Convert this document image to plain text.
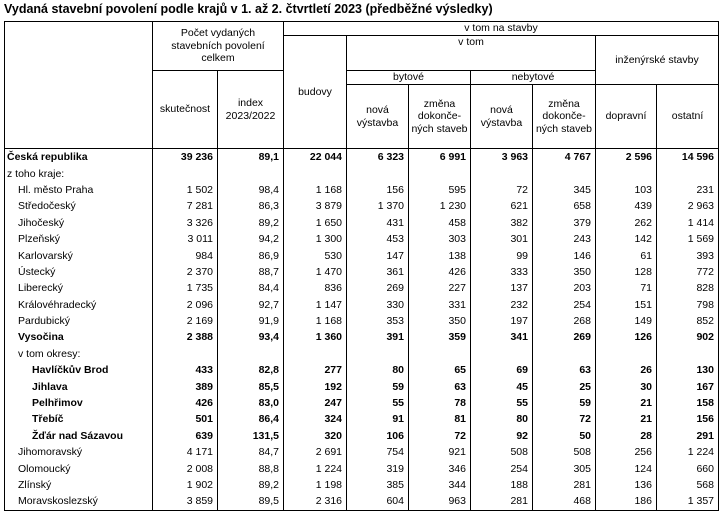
Vydaná stavební povolení podle krajů v 1. až 2. čtvrtletí 2023 (předběžné výsledky)
	Počet vydaných stavebních povolení celkem		v tom na stavby						
			budovy	v tom				inženýrské stavby	
	skutečnost	index 2023/2022		bytové		nebytové			
				nová výstavba	změna dokonče-ných staveb	nová výstavba	změna dokonče-ných staveb	dopravní	ostatní
Česká republika	39 236	89,1	22 044	6 323	6 991	3 963	4 767	2 596	14 596
z toho kraje:									
Hl. město Praha	1 502	98,4	1 168	156	595	72	345	103	231
Středočeský	7 281	86,3	3 879	1 370	1 230	621	658	439	2 963
Jihočeský	3 326	89,2	1 650	431	458	382	379	262	1 414
Plzeňský	3 011	94,2	1 300	453	303	301	243	142	1 569
Karlovarský	984	86,9	530	147	138	99	146	61	393
Ústecký	2 370	88,7	1 470	361	426	333	350	128	772
Liberecký	1 735	84,4	836	269	227	137	203	71	828
Královéhradecký	2 096	92,7	1 147	330	331	232	254	151	798
Pardubický	2 169	91,9	1 168	353	350	197	268	149	852
Vysočina	2 388	93,4	1 360	391	359	341	269	126	902
v tom okresy:									
Havlíčkův Brod	433	82,8	277	80	65	69	63	26	130
Jihlava	389	85,5	192	59	63	45	25	30	167
Pelhřimov	426	83,0	247	55	78	55	59	21	158
Třebíč	501	86,4	324	91	81	80	72	21	156
Žďár nad Sázavou	639	131,5	320	106	72	92	50	28	291
Jihomoravský	4 171	84,7	2 691	754	921	508	508	256	1 224
Olomoucký	2 008	88,8	1 224	319	346	254	305	124	660
Zlínský	1 902	89,2	1 198	385	344	188	281	136	568
Moravskoslezský	3 859	89,5	2 316	604	963	281	468	186	1 357
